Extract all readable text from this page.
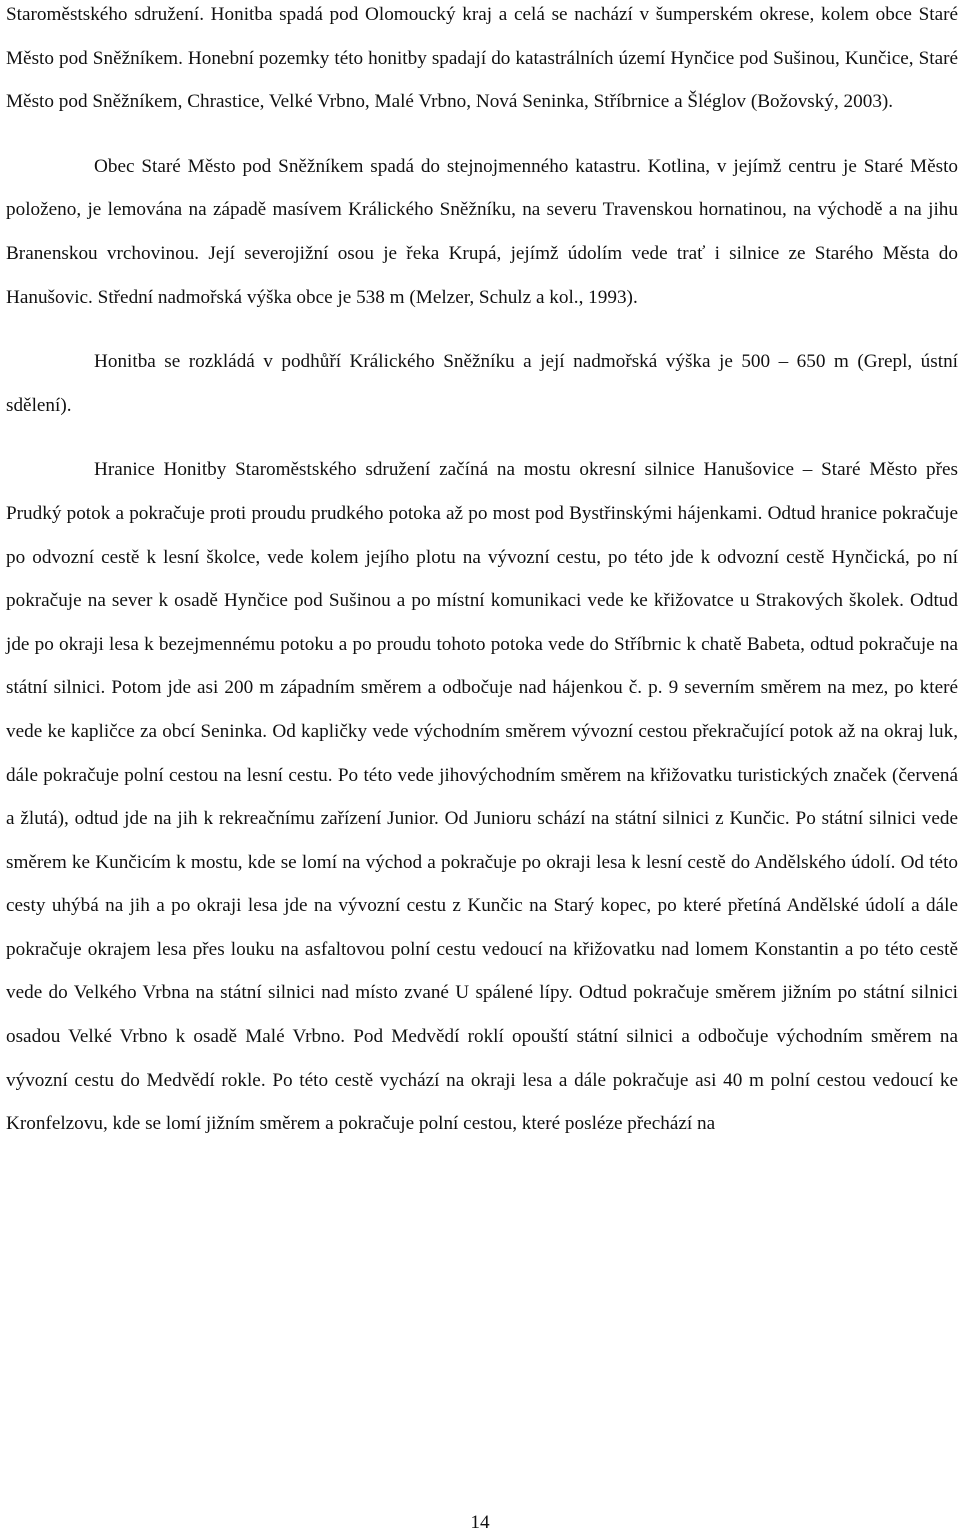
Staroměstského sdružení. Honitba spadá pod Olomoucký kraj a celá se nachází v šumperském okrese, kolem obce Staré Město pod Sněžníkem. Honební pozemky této honitby spadají do katastrálních území Hynčice pod Sušinou, Kunčice, Staré Město pod Sněžníkem, Chrastice, Velké Vrbno, Malé Vrbno, Nová Seninka, Stříbrnice a Šléglov (Božovský, 2003).

Obec Staré Město pod Sněžníkem spadá do stejnojmenného katastru. Kotlina, v jejímž centru je Staré Město položeno, je lemována na západě masívem Králického Sněžníku, na severu Travenskou hornatinou, na východě a na jihu Branenskou vrchovinou. Její severojižní osou je řeka Krupá, jejímž údolím vede trať i silnice ze Starého Města do Hanušovic. Střední nadmořská výška obce je 538 m (Melzer, Schulz a kol., 1993).

Honitba se rozkládá v podhůří Králického Sněžníku a její nadmořská výška je 500 – 650 m (Grepl, ústní sdělení).

Hranice Honitby Staroměstského sdružení začíná na mostu okresní silnice Hanušovice – Staré Město přes Prudký potok a pokračuje proti proudu prudkého potoka až po most pod Bystřinskými hájenkami. Odtud hranice pokračuje po odvozní cestě k lesní školce, vede kolem jejího plotu na vývozní cestu, po této jde k odvozní cestě Hynčická, po ní pokračuje na sever k osadě Hynčice pod Sušinou a po místní komunikaci vede ke křižovatce u Strakových školek. Odtud jde po okraji lesa k bezejmennému potoku a po proudu tohoto potoka vede do Stříbrnic k chatě Babeta, odtud pokračuje na státní silnici. Potom jde asi 200 m západním směrem a odbočuje nad hájenkou č. p. 9 severním směrem na mez, po které vede ke kapličce za obcí Seninka. Od kapličky vede východním směrem vývozní cestou překračující potok až na okraj luk, dále pokračuje polní cestou na lesní cestu. Po této vede jihovýchodním směrem na křižovatku turistických značek (červená a žlutá), odtud jde na jih k rekreačnímu zařízení Junior. Od Junioru schází na státní silnici z Kunčic. Po státní silnici vede směrem ke Kunčicím k mostu, kde se lomí na východ a pokračuje po okraji lesa k lesní cestě do Andělského údolí. Od této cesty uhýbá na jih a po okraji lesa jde na vývozní cestu z Kunčic na Starý kopec, po které přetíná Andělské údolí a dále pokračuje okrajem lesa přes louku na asfaltovou polní cestu vedoucí na křižovatku nad lomem Konstantin a po této cestě vede do Velkého Vrbna na státní silnici nad místo zvané U spálené lípy. Odtud pokračuje směrem jižním po státní silnici osadou Velké Vrbno k osadě Malé Vrbno. Pod Medvědí roklí opouští státní silnici a odbočuje východním směrem na vývozní cestu do Medvědí rokle. Po této cestě vychází na okraji lesa a dále pokračuje asi 40 m polní cestou vedoucí ke Kronfelzovu, kde se lomí jižním směrem a pokračuje polní cestou, které posléze přechází na

14
